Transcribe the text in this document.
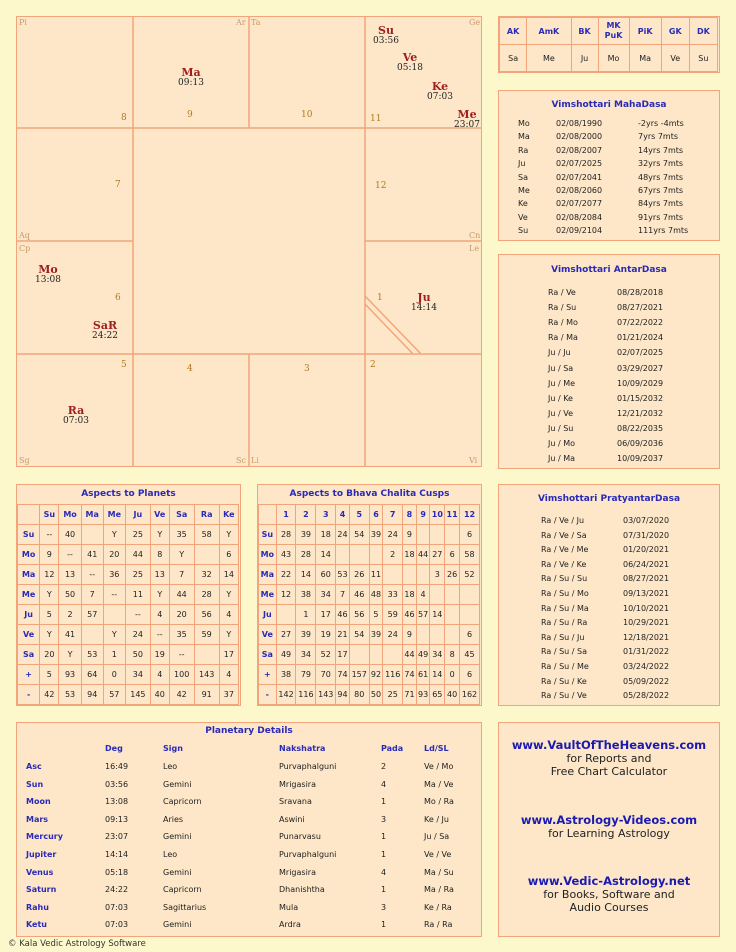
Pi	Ar Ta	Ge
Aq	Cn
Cp	Le
Sg	Sc Li	Vi
8	9	10	11
7	12
6	1
5	4	3	2
Su
03:56
Ve
05:18
Ke
07:03
Me
23:07
Ma
09:13
Mo
13:08
SaR
24:22
Ju
14:14
Ra
07:03
AK	AmK	BK	MK PuK	PiK	GK	DK
Sa	Me	Ju	Mo	Ma	Ve	Su
Vimshottari MahaDasa
Mo	02/08/1990	-2yrs -4mts
Ma	02/08/2000	7yrs 7mts
Ra	02/08/2007	14yrs 7mts
Ju	02/07/2025	32yrs 7mts
Sa	02/07/2041	48yrs 7mts
Me	02/08/2060	67yrs 7mts
Ke	02/07/2077	84yrs 7mts
Ve	02/08/2084	91yrs 7mts
Su	02/09/2104	111yrs 7mts
Vimshottari AntarDasa
Ra / Ve	08/28/2018
Ra / Su	08/27/2021
Ra / Mo	07/22/2022
Ra / Ma	01/21/2024
Ju / Ju	02/07/2025
Ju / Sa	03/29/2027
Ju / Me	10/09/2029
Ju / Ke	01/15/2032
Ju / Ve	12/21/2032
Ju / Su	08/22/2035
Ju / Mo	06/09/2036
Ju / Ma	10/09/2037
Vimshottari PratyantarDasa
Ra / Ve / Ju	03/07/2020
Ra / Ve / Sa	07/31/2020
Ra / Ve / Me	01/20/2021
Ra / Ve / Ke	06/24/2021
Ra / Su / Su	08/27/2021
Ra / Su / Mo	09/13/2021
Ra / Su / Ma	10/10/2021
Ra / Su / Ra	10/29/2021
Ra / Su / Ju	12/18/2021
Ra / Su / Sa	01/31/2022
Ra / Su / Me	03/24/2022
Ra / Su / Ke	05/09/2022
Ra / Su / Ve	05/28/2022
Aspects to Planets
	Su	Mo	Ma	Me	Ju	Ve	Sa	Ra	Ke
Su	--	40		Y	25	Y	35	58	Y
Mo	9	--	41	20	44	8	Y		6
Ma	12	13	--	36	25	13	7	32	14
Me	Y	50	7	--	11	Y	44	28	Y
Ju	5	2	57		--	4	20	56	4
Ve	Y	41		Y	24	--	35	59	Y
Sa	20	Y	53	1	50	19	--		17
+	5	93	64	0	34	4	100	143	4
-	42	53	94	57	145	40	42	91	37
Aspects to Bhava Chalita Cusps
	1	2	3	4	5	6	7	8	9	10	11	12
Su	28	39	18	24	54	39	24	9				6
Mo	43	28	14				2	18	44	27	6	58
Ma	22	14	60	53	26	11				3	26	52
Me	12	38	34	7	46	48	33	18	4			
Ju		1	17	46	56	5	59	46	57	14		
Ve	27	39	19	21	54	39	24	9				6
Sa	49	34	52	17				44	49	34	8	45
+	38	79	70	74	157	92	116	74	61	14	0	6
-	142	116	143	94	80	50	25	71	93	65	40	162
Planetary Details
Deg	Sign	Nakshatra	Pada	Ld/SL
Asc	16:49	Leo	Purvaphalguni	2	Ve / Mo
Sun	03:56	Gemini	Mrigasira	4	Ma / Ve
Moon	13:08	Capricorn	Sravana	1	Mo / Ra
Mars	09:13	Aries	Aswini	3	Ke / Ju
Mercury	23:07	Gemini	Punarvasu	1	Ju / Sa
Jupiter	14:14	Leo	Purvaphalguni	1	Ve / Ve
Venus	05:18	Gemini	Mrigasira	4	Ma / Su
Saturn	24:22	Capricorn	Dhanishtha	1	Ma / Ra
Rahu	07:03	Sagittarius	Mula	3	Ke / Ra
Ketu	07:03	Gemini	Ardra	1	Ra / Ra
www.VaultOfTheHeavens.com
for Reports and
Free Chart Calculator
www.Astrology-Videos.com
for Learning Astrology
www.Vedic-Astrology.net
for Books, Software and
Audio Courses
© Kala Vedic Astrology Software
